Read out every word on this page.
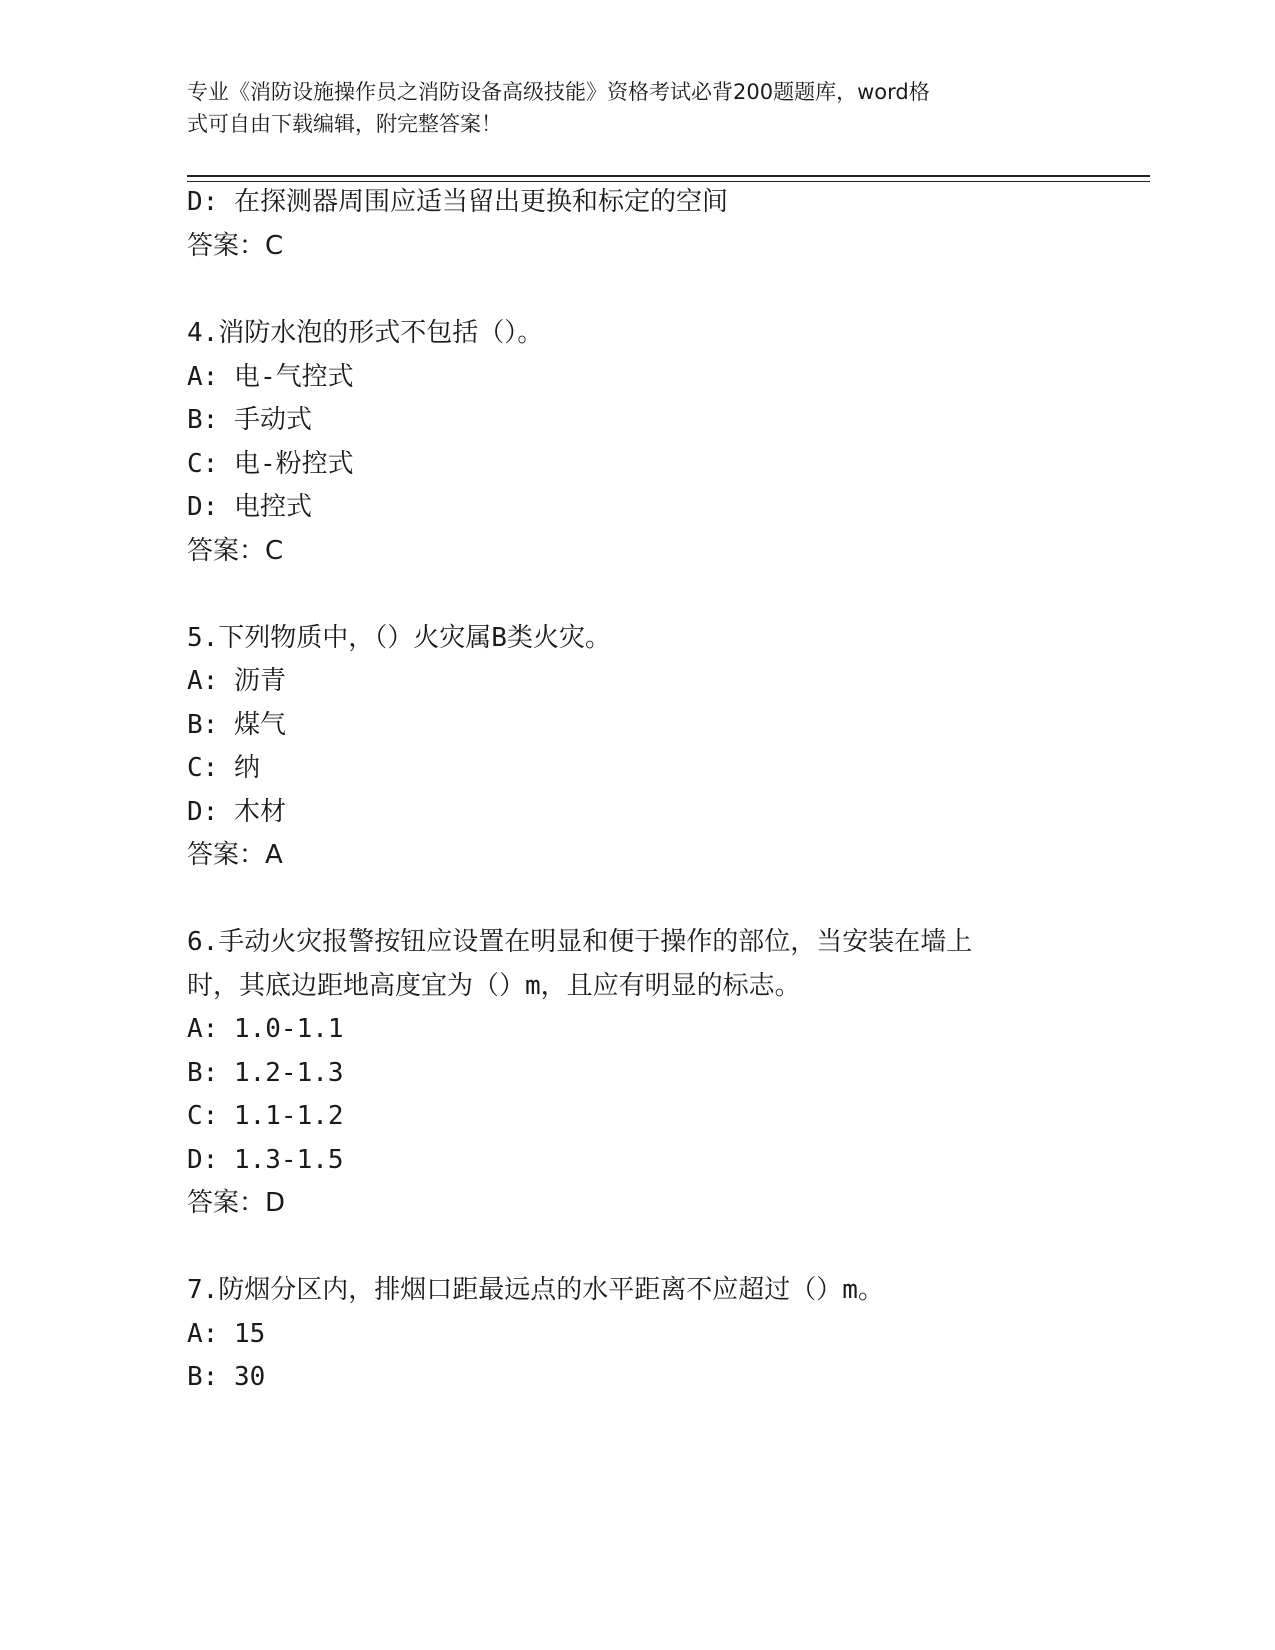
专业《消防设施操作员之消防设备高级技能》资格考试必背200题题库，word格
式可自由下载编辑，附完整答案！
D: 在探测器周围应适当留出更换和标定的空间
答案：C
4.消防水泡的形式不包括（）。
A: 电-气控式
B: 手动式
C: 电-粉控式
D: 电控式
答案：C
5.下列物质中，（）火灾属B类火灾。
A: 沥青
B: 煤气
C: 纳
D: 木材
答案：A
6.手动火灾报警按钮应设置在明显和便于操作的部位，当安装在墙上
时，其底边距地高度宜为（）m，且应有明显的标志。
A: 1.0-1.1
B: 1.2-1.3
C: 1.1-1.2
D: 1.3-1.5
答案：D
7.防烟分区内，排烟口距最远点的水平距离不应超过（）m。
A: 15
B: 30
